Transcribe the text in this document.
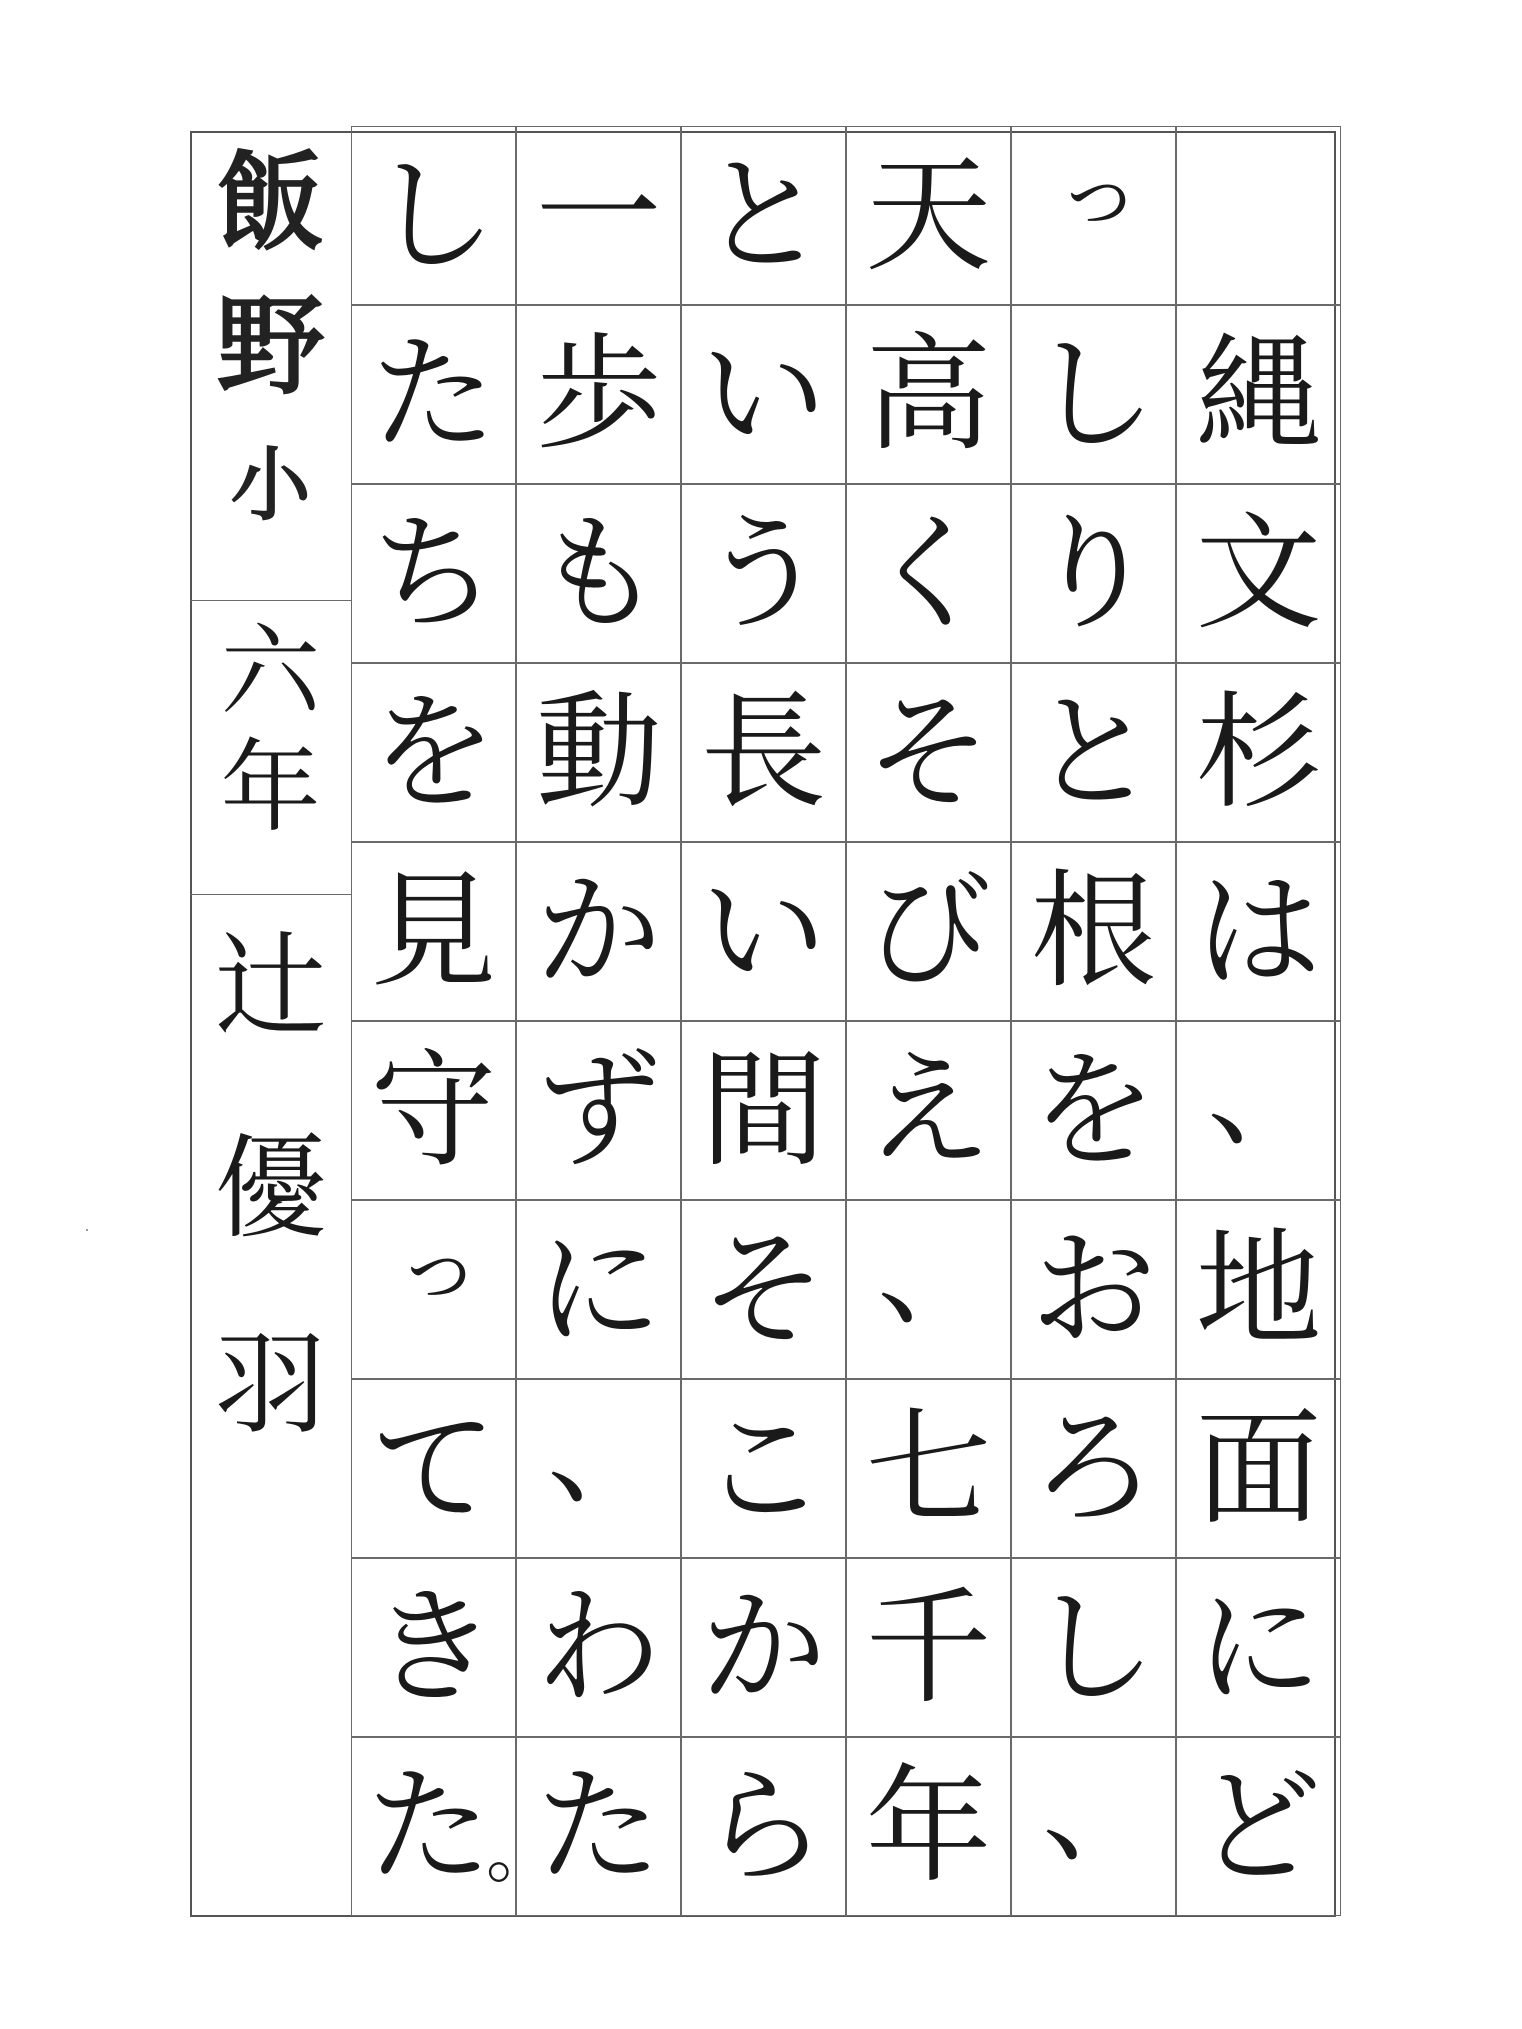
縄
文
杉
は
、
地
面
に
ど
っ
し
り
と
根
を
お
ろ
し
、
天
高
く
そ
び
え
、
七
千
年
と
い
う
長
い
間
そ
こ
か
ら
一
歩
も
動
か
ず
に
、
わ
た
し
た
ち
を
見
守
っ
て
き
た
。
飯
野
小
六
年
辻
優
羽
